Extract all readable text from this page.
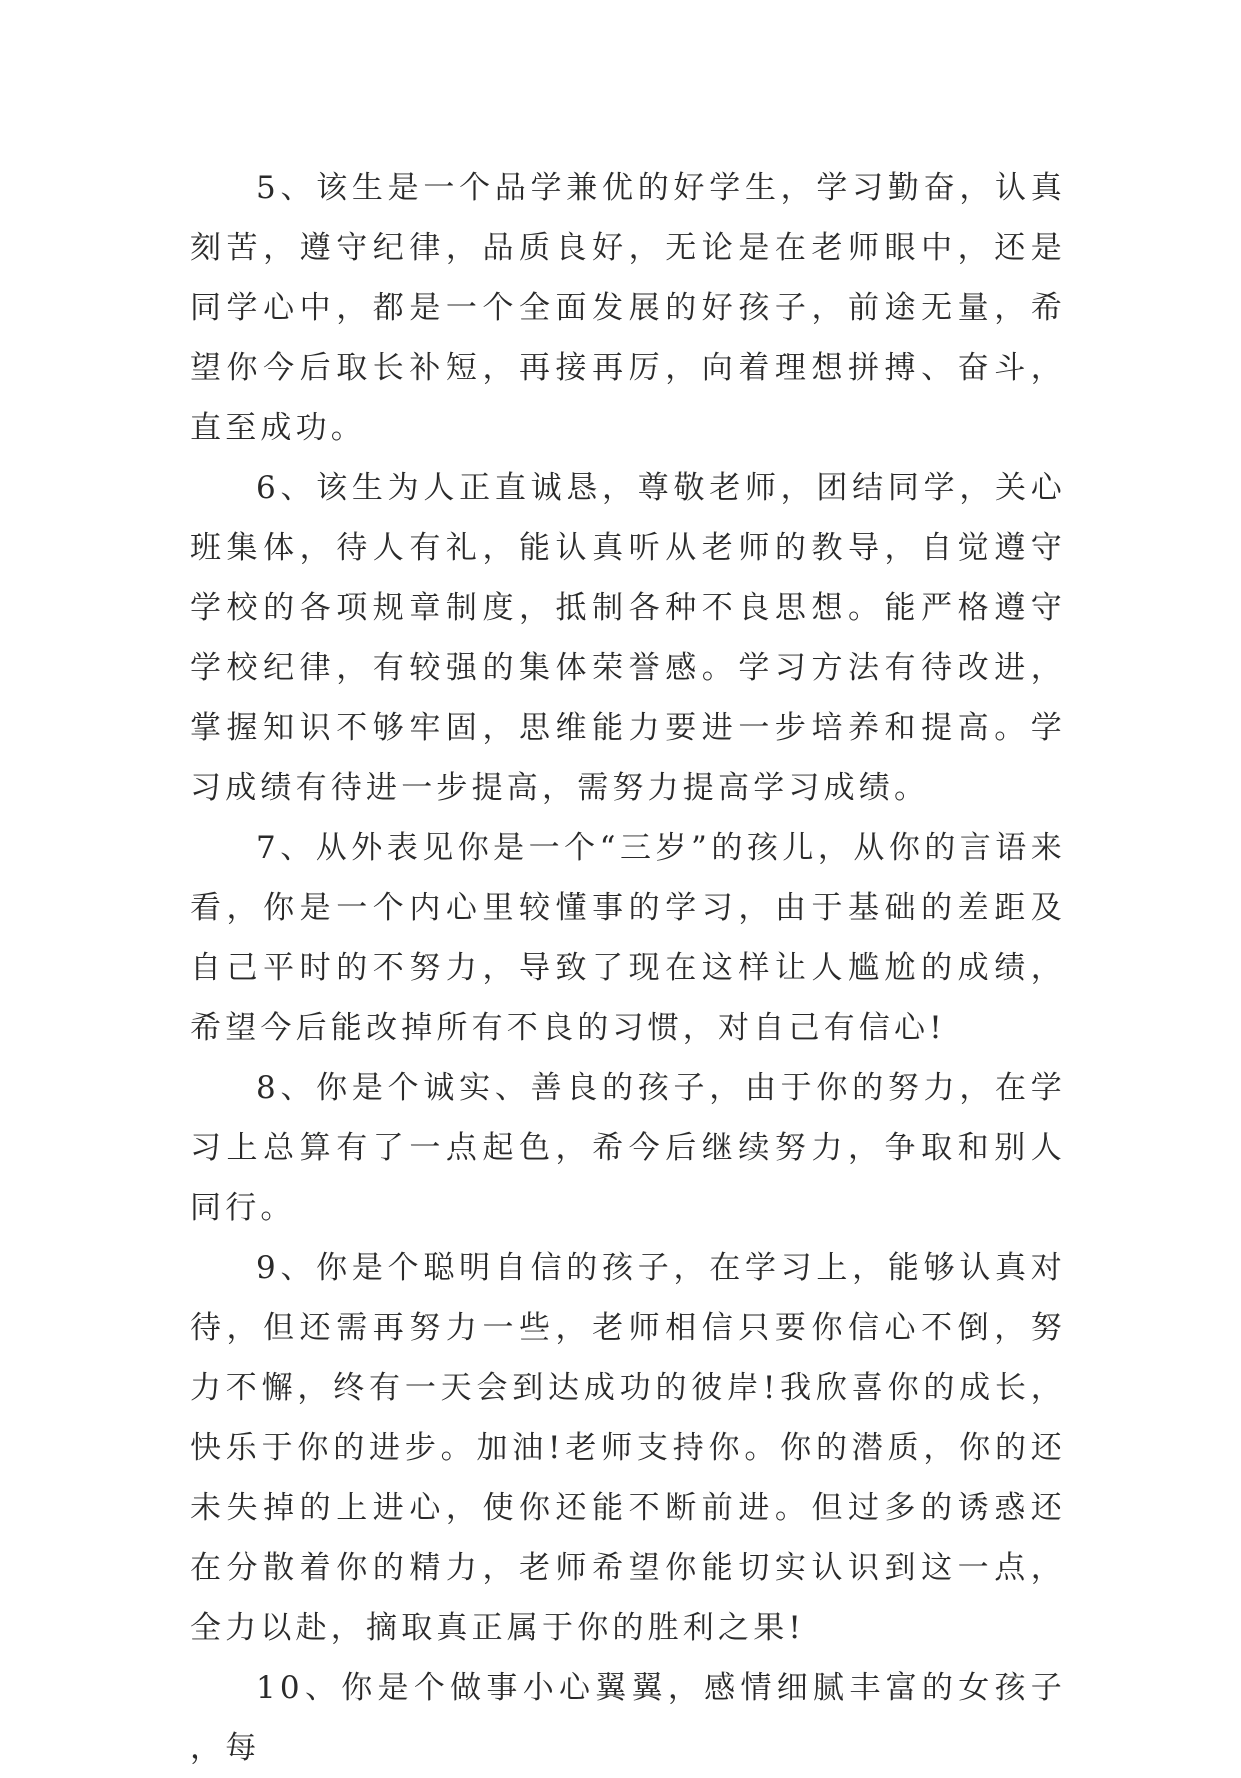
5、该生是一个品学兼优的好学生，学习勤奋，认真刻苦，遵守纪律，品质良好，无论是在老师眼中，还是同学心中，都是一个全面发展的好孩子，前途无量，希望你今后取长补短，再接再厉，向着理想拼搏、奋斗，直至成功。

6、该生为人正直诚恳，尊敬老师，团结同学，关心班集体，待人有礼，能认真听从老师的教导，自觉遵守学校的各项规章制度，抵制各种不良思想。能严格遵守学校纪律，有较强的集体荣誉感。学习方法有待改进，掌握知识不够牢固，思维能力要进一步培养和提高。学习成绩有待进一步提高，需努力提高学习成绩。

7、从外表见你是一个“三岁”的孩儿，从你的言语来看，你是一个内心里较懂事的学习，由于基础的差距及自己平时的不努力，导致了现在这样让人尴尬的成绩，希望今后能改掉所有不良的习惯，对自己有信心!

8、你是个诚实、善良的孩子，由于你的努力，在学习上总算有了一点起色，希今后继续努力，争取和别人同行。

9、你是个聪明自信的孩子，在学习上，能够认真对待，但还需再努力一些，老师相信只要你信心不倒，努力不懈，终有一天会到达成功的彼岸!我欣喜你的成长，快乐于你的进步。加油!老师支持你。你的潜质，你的还未失掉的上进心，使你还能不断前进。但过多的诱惑还在分散着你的精力，老师希望你能切实认识到这一点，全力以赴，摘取真正属于你的胜利之果!

10、你是个做事小心翼翼，感情细腻丰富的女孩子，每
